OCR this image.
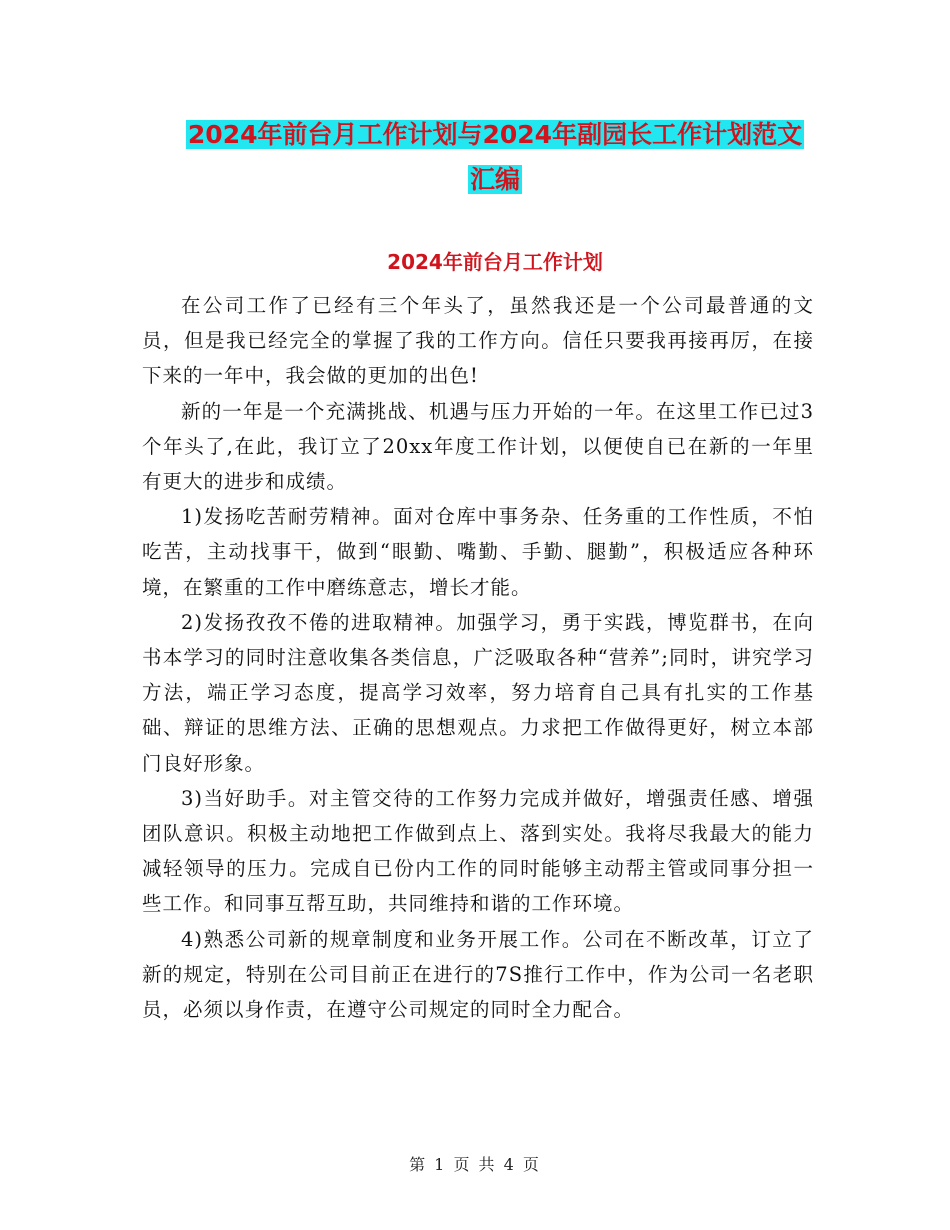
2024年前台月工作计划与2024年副园长工作计划范文
汇编
2024年前台月工作计划

在公司工作了已经有三个年头了，虽然我还是一个公司最普通的文员，但是我已经完全的掌握了我的工作方向。信任只要我再接再厉，在接下来的一年中，我会做的更加的出色!

新的一年是一个充满挑战、机遇与压力开始的一年。在这里工作已过3个年头了,在此，我订立了20xx年度工作计划，以便使自已在新的一年里有更大的进步和成绩。

1)发扬吃苦耐劳精神。面对仓库中事务杂、任务重的工作性质，不怕吃苦，主动找事干，做到“眼勤、嘴勤、手勤、腿勤”，积极适应各种环境，在繁重的工作中磨练意志，增长才能。

2)发扬孜孜不倦的进取精神。加强学习，勇于实践，博览群书，在向书本学习的同时注意收集各类信息，广泛吸取各种“营养”;同时，讲究学习方法，端正学习态度，提高学习效率，努力培育自己具有扎实的工作基础、辩证的思维方法、正确的思想观点。力求把工作做得更好，树立本部门良好形象。

3)当好助手。对主管交待的工作努力完成并做好，增强责任感、增强团队意识。积极主动地把工作做到点上、落到实处。我将尽我最大的能力减轻领导的压力。完成自已份内工作的同时能够主动帮主管或同事分担一些工作。和同事互帮互助，共同维持和谐的工作环境。

4)熟悉公司新的规章制度和业务开展工作。公司在不断改革，订立了新的规定，特别在公司目前正在进行的7S推行工作中，作为公司一名老职员，必须以身作责，在遵守公司规定的同时全力配合。

第 1 页 共 4 页
